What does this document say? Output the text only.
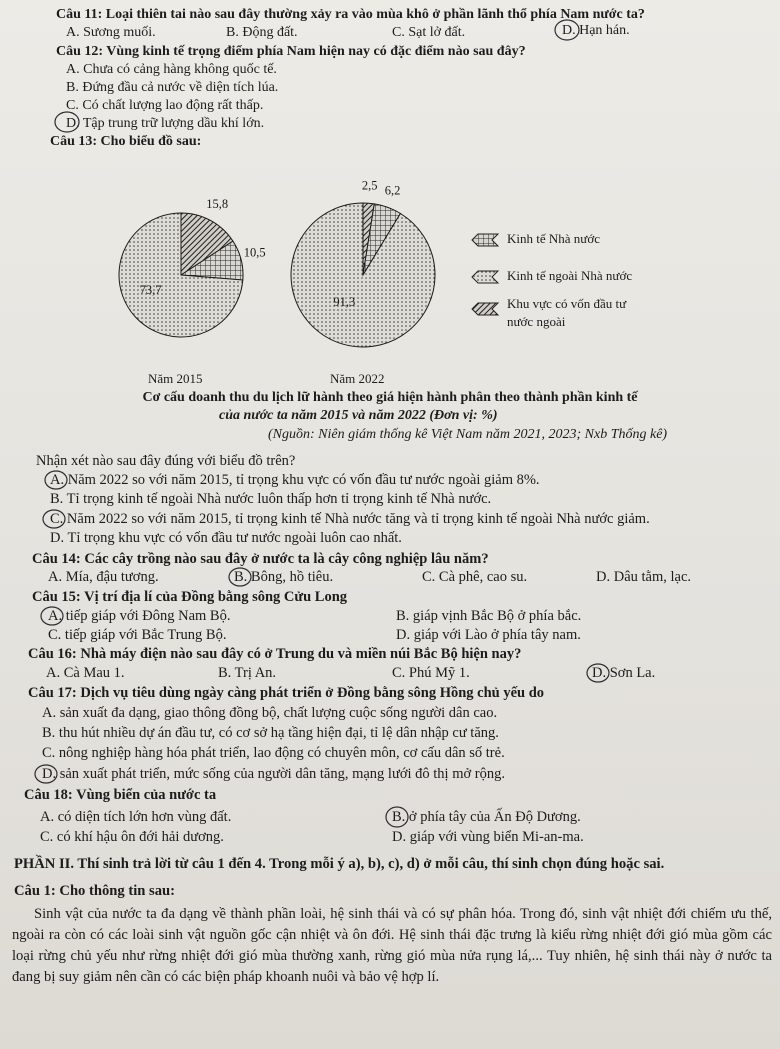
Câu 11: Loại thiên tai nào sau đây thường xảy ra vào mùa khô ở phần lãnh thổ phía Nam nước ta?
A. Sương muối.	B. Động đất.	C. Sạt lở đất.	D. Hạn hán.
Câu 12: Vùng kinh tế trọng điểm phía Nam hiện nay có đặc điểm nào sau đây?
A. Chưa có cảng hàng không quốc tế.
B. Đứng đầu cả nước về diện tích lúa.
C. Có chất lượng lao động rất thấp.
D. Tập trung trữ lượng dầu khí lớn.
Câu 13: Cho biểu đồ sau:
15,8
10,5
73,7
2,5 6,2
91,3
Kinh tế Nhà nước
Kinh tế ngoài Nhà nước
Khu vực có vốn đầu tư
nước ngoài
Năm 2015	Năm 2022
Cơ cấu doanh thu du lịch lữ hành theo giá hiện hành phân theo thành phần kinh tế
của nước ta năm 2015 và năm 2022 (Đơn vị: %)
(Nguồn: Niên giám thống kê Việt Nam năm 2021, 2023; Nxb Thống kê)
Nhận xét nào sau đây đúng với biểu đồ trên?
A. Năm 2022 so với năm 2015, tỉ trọng khu vực có vốn đầu tư nước ngoài giảm 8%.
B. Tỉ trọng kinh tế ngoài Nhà nước luôn thấp hơn tỉ trọng kinh tế Nhà nước.
C. Năm 2022 so với năm 2015, tỉ trọng kinh tế Nhà nước tăng và tỉ trọng kinh tế ngoài Nhà nước giảm.
D. Tỉ trọng khu vực có vốn đầu tư nước ngoài luôn cao nhất.
Câu 14: Các cây trồng nào sau đây ở nước ta là cây công nghiệp lâu năm?
A. Mía, đậu tương.	B. Bông, hồ tiêu.	C. Cà phê, cao su.	D. Dâu tằm, lạc.
Câu 15: Vị trí địa lí của Đồng bằng sông Cửu Long
A. tiếp giáp với Đông Nam Bộ.	B. giáp vịnh Bắc Bộ ở phía bắc.
C. tiếp giáp với Bắc Trung Bộ.	D. giáp với Lào ở phía tây nam.
Câu 16: Nhà máy điện nào sau đây có ở Trung du và miền núi Bắc Bộ hiện nay?
A. Cà Mau 1.	B. Trị An.	C. Phú Mỹ 1.	D. Sơn La.
Câu 17: Dịch vụ tiêu dùng ngày càng phát triển ở Đồng bằng sông Hồng chủ yếu do
A. sản xuất đa dạng, giao thông đồng bộ, chất lượng cuộc sống người dân cao.
B. thu hút nhiều dự án đầu tư, có cơ sở hạ tầng hiện đại, tỉ lệ dân nhập cư tăng.
C. nông nghiệp hàng hóa phát triển, lao động có chuyên môn, cơ cấu dân số trẻ.
D. sản xuất phát triển, mức sống của người dân tăng, mạng lưới đô thị mở rộng.
Câu 18: Vùng biển của nước ta
A. có diện tích lớn hơn vùng đất.	B. ở phía tây của Ấn Độ Dương.
C. có khí hậu ôn đới hải dương.	D. giáp với vùng biển Mi-an-ma.
PHẦN II. Thí sinh trả lời từ câu 1 đến 4. Trong mỗi ý a), b), c), d) ở mỗi câu, thí sinh chọn đúng hoặc sai.
Câu 1: Cho thông tin sau:
Sinh vật của nước ta đa dạng về thành phần loài, hệ sinh thái và có sự phân hóa. Trong đó, sinh vật nhiệt đới chiếm ưu thế, ngoài ra còn có các loài sinh vật nguồn gốc cận nhiệt và ôn đới. Hệ sinh thái đặc trưng là kiểu rừng nhiệt đới gió mùa gồm các loại rừng chủ yếu như rừng nhiệt đới gió mùa thường xanh, rừng gió mùa nửa rụng lá,... Tuy nhiên, hệ sinh thái này ở nước ta đang bị suy giảm nên cần có các biện pháp khoanh nuôi và bảo vệ hợp lí.
